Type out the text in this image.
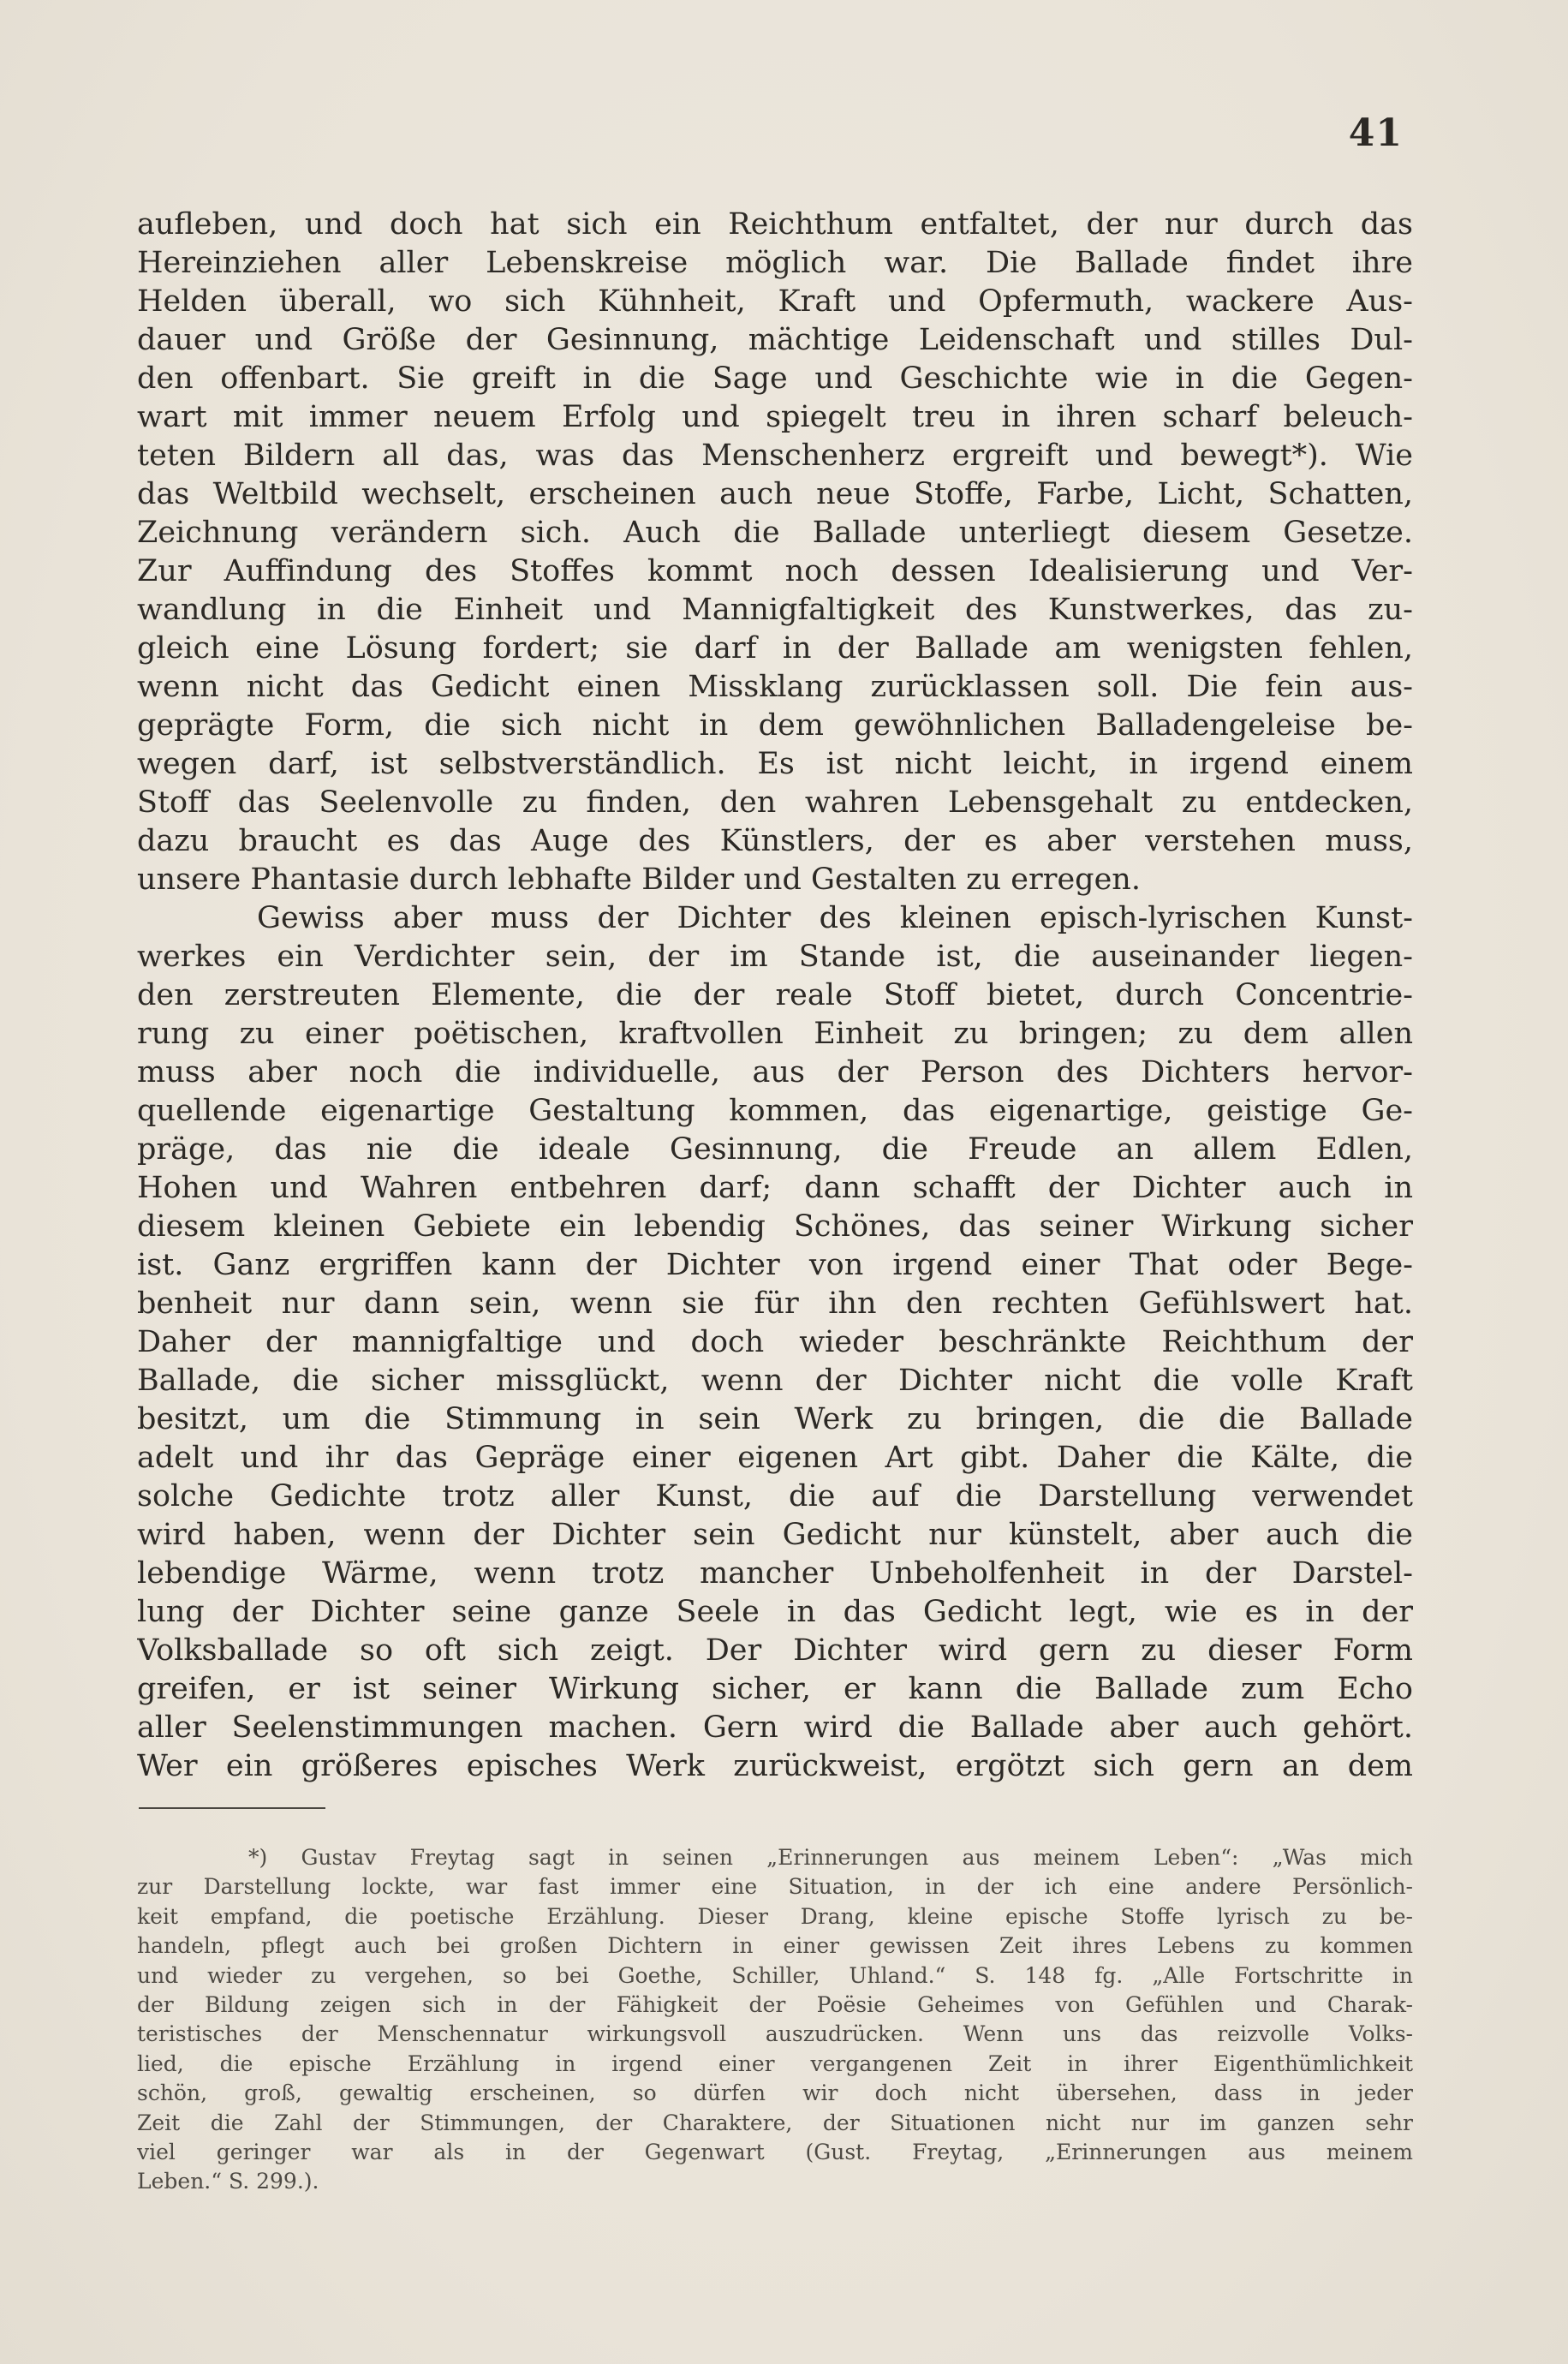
41
aufleben, und doch hat sich ein Reichthum entfaltet, der nur durch das
Hereinziehen aller Lebenskreise möglich war. Die Ballade findet ihre
Helden überall, wo sich Kühnheit, Kraft und Opfermuth, wackere Aus-
dauer und Größe der Gesinnung, mächtige Leidenschaft und stilles Dul-
den offenbart. Sie greift in die Sage und Geschichte wie in die Gegen-
wart mit immer neuem Erfolg und spiegelt treu in ihren scharf beleuch-
teten Bildern all das, was das Menschenherz ergreift und bewegt*). Wie
das Weltbild wechselt, erscheinen auch neue Stoffe, Farbe, Licht, Schatten,
Zeichnung verändern sich. Auch die Ballade unterliegt diesem Gesetze.
Zur Auffindung des Stoffes kommt noch dessen Idealisierung und Ver-
wandlung in die Einheit und Mannigfaltigkeit des Kunstwerkes, das zu-
gleich eine Lösung fordert; sie darf in der Ballade am wenigsten fehlen,
wenn nicht das Gedicht einen Missklang zurücklassen soll. Die fein aus-
geprägte Form, die sich nicht in dem gewöhnlichen Balladengeleise be-
wegen darf, ist selbstverständlich. Es ist nicht leicht, in irgend einem
Stoff das Seelenvolle zu finden, den wahren Lebensgehalt zu entdecken,
dazu braucht es das Auge des Künstlers, der es aber verstehen muss,
unsere Phantasie durch lebhafte Bilder und Gestalten zu erregen.
Gewiss aber muss der Dichter des kleinen episch-lyrischen Kunst-
werkes ein Verdichter sein, der im Stande ist, die auseinander liegen-
den zerstreuten Elemente, die der reale Stoff bietet, durch Concentrie-
rung zu einer poëtischen, kraftvollen Einheit zu bringen; zu dem allen
muss aber noch die individuelle, aus der Person des Dichters hervor-
quellende eigenartige Gestaltung kommen, das eigenartige, geistige Ge-
präge, das nie die ideale Gesinnung, die Freude an allem Edlen,
Hohen und Wahren entbehren darf; dann schafft der Dichter auch in
diesem kleinen Gebiete ein lebendig Schönes, das seiner Wirkung sicher
ist. Ganz ergriffen kann der Dichter von irgend einer That oder Bege-
benheit nur dann sein, wenn sie für ihn den rechten Gefühlswert hat.
Daher der mannigfaltige und doch wieder beschränkte Reichthum der
Ballade, die sicher missglückt, wenn der Dichter nicht die volle Kraft
besitzt, um die Stimmung in sein Werk zu bringen, die die Ballade
adelt und ihr das Gepräge einer eigenen Art gibt. Daher die Kälte, die
solche Gedichte trotz aller Kunst, die auf die Darstellung verwendet
wird haben, wenn der Dichter sein Gedicht nur künstelt, aber auch die
lebendige Wärme, wenn trotz mancher Unbeholfenheit in der Darstel-
lung der Dichter seine ganze Seele in das Gedicht legt, wie es in der
Volksballade so oft sich zeigt. Der Dichter wird gern zu dieser Form
greifen, er ist seiner Wirkung sicher, er kann die Ballade zum Echo
aller Seelenstimmungen machen. Gern wird die Ballade aber auch gehört.
Wer ein größeres episches Werk zurückweist, ergötzt sich gern an dem
*) Gustav Freytag sagt in seinen „Erinnerungen aus meinem Leben“: „Was mich
zur Darstellung lockte, war fast immer eine Situation, in der ich eine andere Persönlich-
keit empfand, die poetische Erzählung. Dieser Drang, kleine epische Stoffe lyrisch zu be-
handeln, pflegt auch bei großen Dichtern in einer gewissen Zeit ihres Lebens zu kommen
und wieder zu vergehen, so bei Goethe, Schiller, Uhland.“ S. 148 fg. „Alle Fortschritte in
der Bildung zeigen sich in der Fähigkeit der Poësie Geheimes von Gefühlen und Charak-
teristisches der Menschennatur wirkungsvoll auszudrücken. Wenn uns das reizvolle Volks-
lied, die epische Erzählung in irgend einer vergangenen Zeit in ihrer Eigenthümlichkeit
schön, groß, gewaltig erscheinen, so dürfen wir doch nicht übersehen, dass in jeder
Zeit die Zahl der Stimmungen, der Charaktere, der Situationen nicht nur im ganzen sehr
viel geringer war als in der Gegenwart (Gust. Freytag, „Erinnerungen aus meinem
Leben.“ S. 299.).
